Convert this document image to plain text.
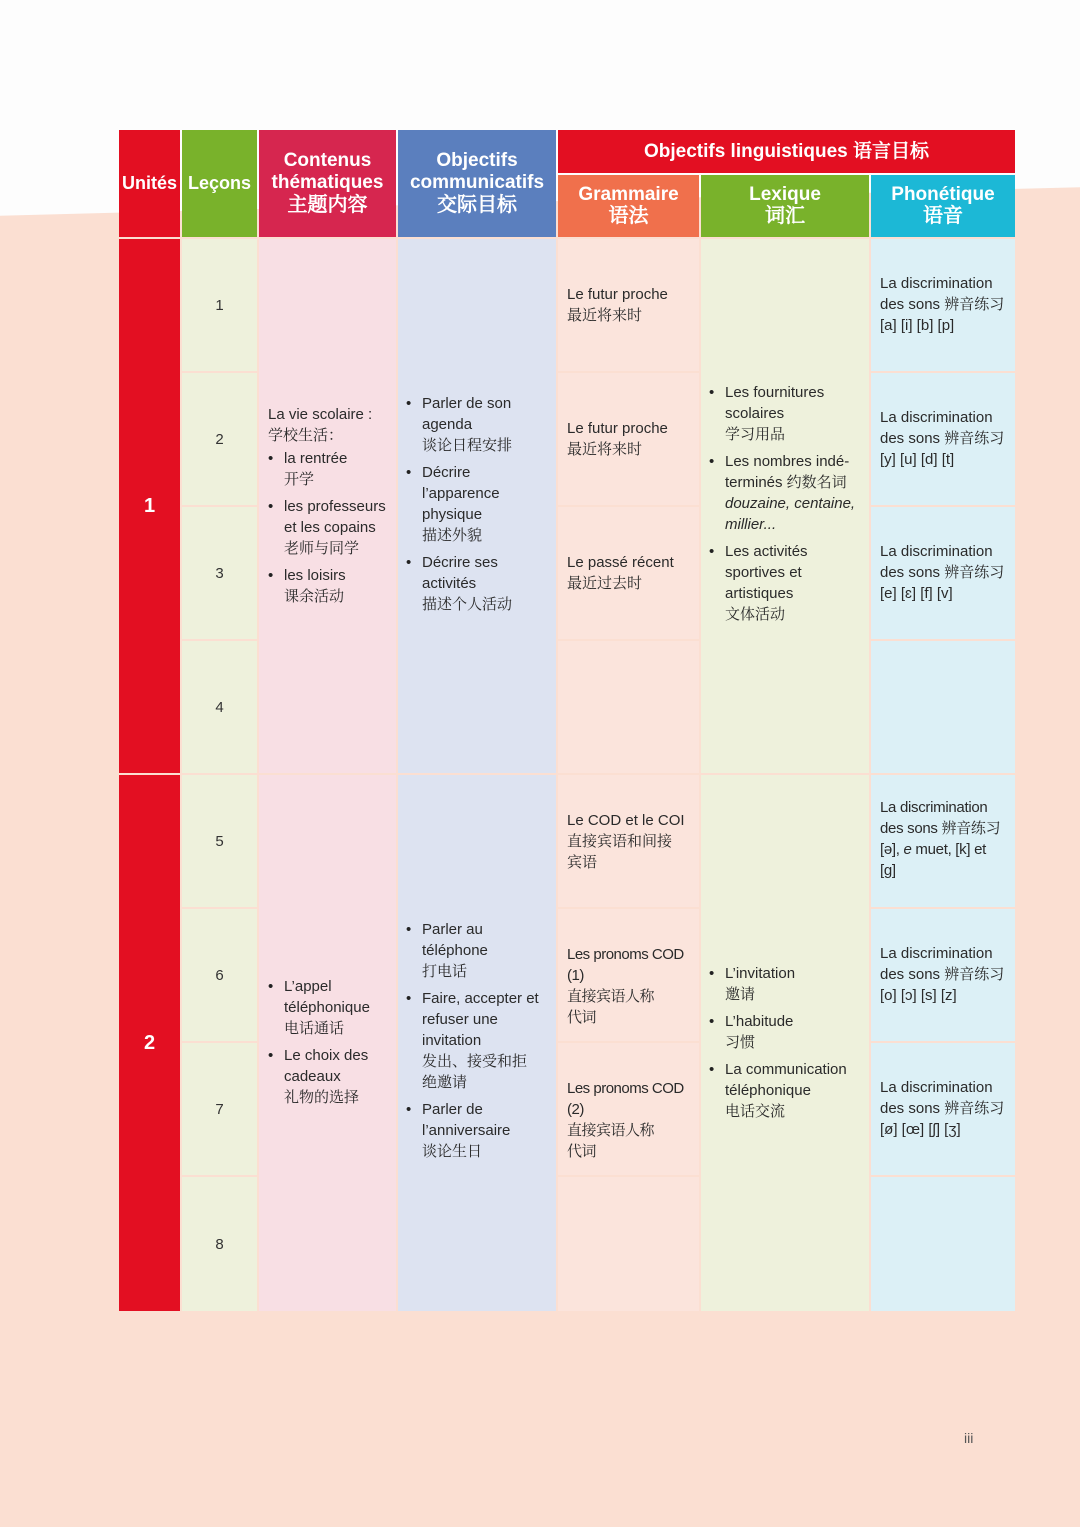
Unités Leçons
Contenus
thématiques
主题内容
Objectifs
communicatifs
交际目标
Objectifs linguistiques 语言目标
Grammaire
语法
Lexique
词汇
Phonétique
语音
1
1
2
3
4
La vie scolaire :
学校生活：
• la rentrée
开学
• les professeurs
et les copains
老师与同学
• les loisirs
课余活动
• Parler de son
agenda
谈论日程安排
• Décrire
l’apparence
physique
描述外貌
• Décrire ses
activités
描述个人活动
Le futur proche
最近将来时
Le futur proche
最近将来时
Le passé récent
最近过去时
• Les fournitures
scolaires
学习用品
• Les nombres indé-
terminés 约数名词
douzaine, centaine,
millier...
• Les activités
sportives et
artistiques
文体活动
La discrimination
des sons 辨音练习
[a] [i] [b] [p]
La discrimination
des sons 辨音练习
[y] [u] [d] [t]
La discrimination
des sons 辨音练习
[e] [ɛ] [f] [v]
2
5
6
7
8
• L’appel
téléphonique
电话通话
• Le choix des
cadeaux
礼物的选择
• Parler au
téléphone
打电话
• Faire, accepter et
refuser une
invitation
发出、接受和拒
绝邀请
• Parler de
l’anniversaire
谈论生日
Le COD et le COI
直接宾语和间接
宾语
Les pronoms COD (1)
直接宾语人称
代词
Les pronoms COD (2)
直接宾语人称
代词
• L’invitation
邀请
• L’habitude
习惯
• La communication
téléphonique
电话交流
La discrimination
des sons 辨音练习
[ə], e muet, [k] et
[g]
La discrimination
des sons 辨音练习
[o] [ɔ] [s] [z]
La discrimination
des sons 辨音练习
[ø] [œ] [ʃ] [ʒ]
iii
